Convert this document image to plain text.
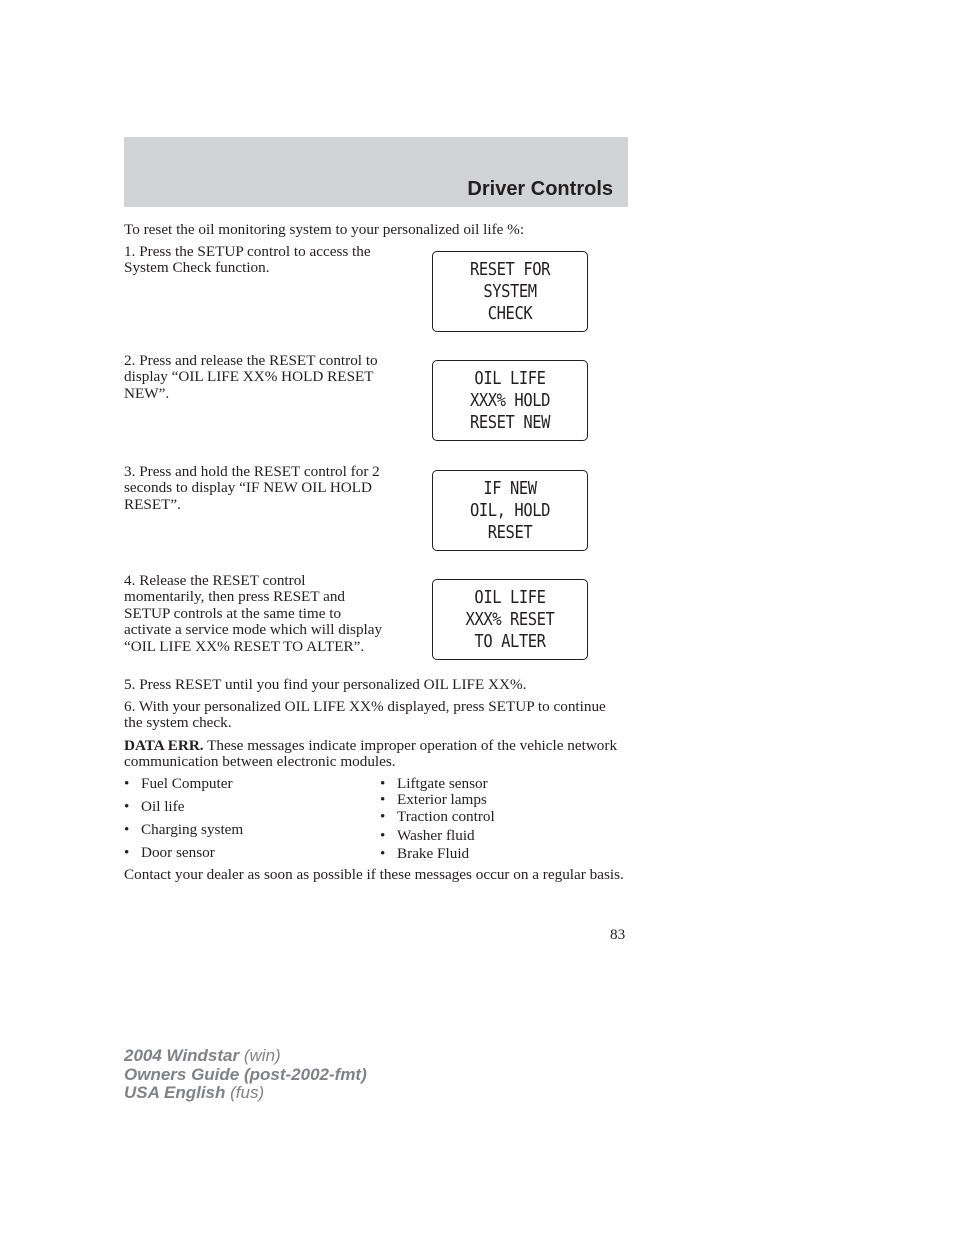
Driver Controls
To reset the oil monitoring system to your personalized oil life %:
1. Press the SETUP control to access the System Check function.	RESET FOR
SYSTEM
CHECK
2. Press and release the RESET control to display “OIL LIFE XX% HOLD RESET NEW”.
OIL LIFE
XXX% HOLD
RESET NEW
3. Press and hold the RESET control for 2 seconds to display “IF NEW OIL HOLD RESET”.
IF NEW
OIL, HOLD
RESET
4. Release the RESET control momentarily, then press RESET and SETUP controls at the same time to activate a service mode which will display “OIL LIFE XX% RESET TO ALTER”.
OIL LIFE
XXX% RESET
TO ALTER
5. Press RESET until you find your personalized OIL LIFE XX%.
6. With your personalized OIL LIFE XX% displayed, press SETUP to continue the system check.
DATA ERR. These messages indicate improper operation of the vehicle network communication between electronic modules.
• Fuel Computer
• Oil life
• Charging system
• Door sensor
• Liftgate sensor
• Exterior lamps
• Traction control
• Washer fluid
• Brake Fluid
Contact your dealer as soon as possible if these messages occur on a regular basis.
83
2004 Windstar (win)
Owners Guide (post-2002-fmt)
USA English (fus)
